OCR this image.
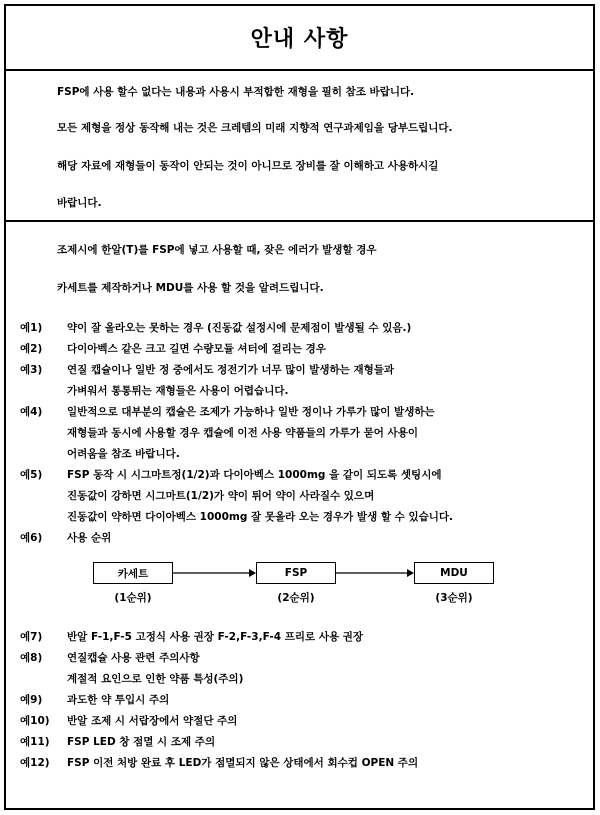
안내 사항
FSP에 사용 할수 없다는 내용과 사용시 부적합한 재형을 필히 참조 바랍니다.
모든 제형을 정상 동작해 내는 것은 크레템의 미래 지향적 연구과제임을 당부드립니다.
해당 자료에 재형들이 동작이 안되는 것이 아니므로 장비를 잘 이해하고 사용하시길
바랍니다.
조제시에 한알(T)를 FSP에 넣고 사용할 때, 잦은 에러가 발생할 경우
카세트를 제작하거나 MDU를 사용 할 것을 알려드립니다.
예1) 약이 잘 올라오는 못하는 경우 (진동값 설정시에 문제점이 발생될 수 있음.)
예2) 다이아벡스 같은 크고 길면 수량모듈 셔터에 걸리는 경우
예3) 연질 캡슐이나 일반 정 중에서도 정전기가 너무 많이 발생하는 재형들과
가벼워서 통통튀는 재형들은 사용이 어렵습니다.
예4) 일반적으로 대부분의 캡슐은 조제가 가능하나 일반 정이나 가루가 많이 발생하는
재형들과 동시에 사용할 경우 캡슐에 이전 사용 약품들의 가루가 묻어 사용이
어려움을 참조 바랍니다.
예5) FSP 동작 시 시그마트정(1/2)과 다이아벡스 1000mg 을 같이 되도록 셋팅시에
진동값이 강하면 시그마트(1/2)가 약이 튀어 약이 사라질수 있으며
진동값이 약하면 다이아벡스 1000mg 잘 못올라 오는 경우가 발생 할 수 있습니다.
예6) 사용 순위
카세트	FSP	MDU
(1순위)	(2순위)	(3순위)
예7) 반알 F-1,F-5 고정식 사용 권장 F-2,F-3,F-4 프리로 사용 권장
예8) 연질캡슐 사용 관련 주의사항
계절적 요인으로 인한 약품 특성(주의)
예9) 과도한 약 투입시 주의
예10) 반알 조제 시 서랍장에서 약절단 주의
예11) FSP LED 창 점멸 시 조제 주의
예12) FSP 이전 처방 완료 후 LED가 점멸되지 않은 상태에서 회수컵 OPEN 주의
